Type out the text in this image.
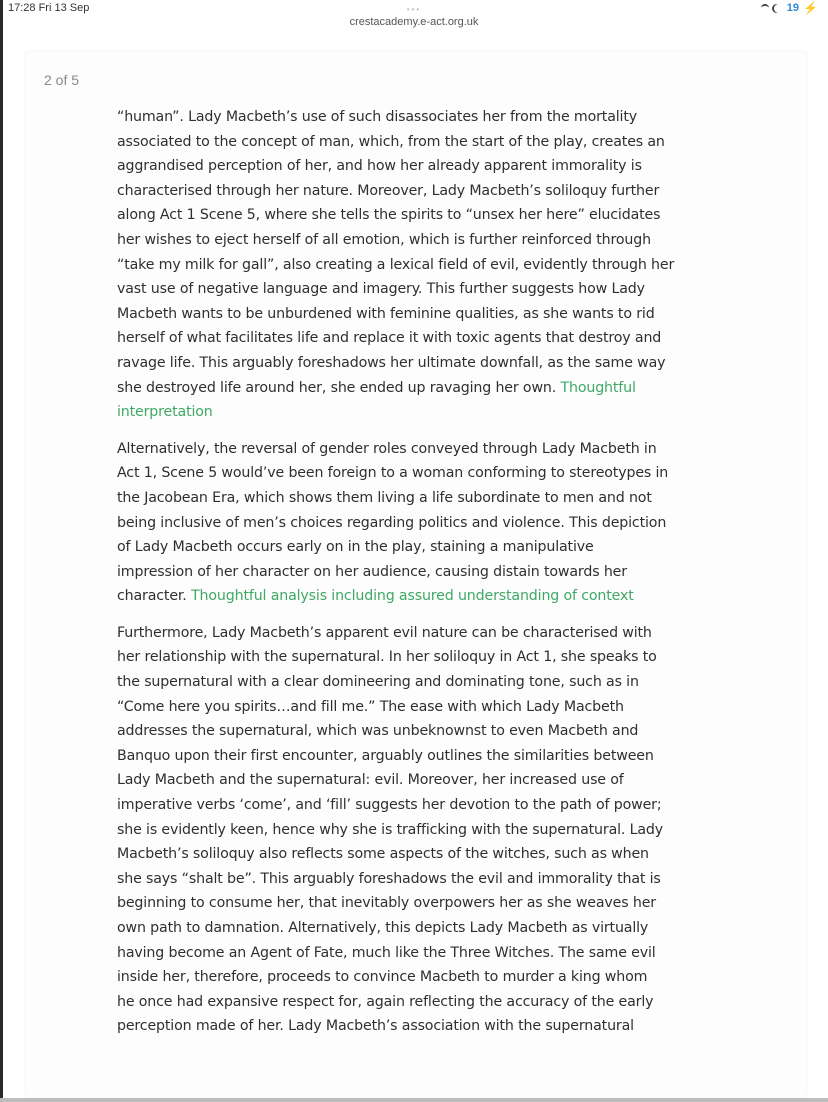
17:28 Fri 13 Sep	19 ⚡
•••
crestacademy.e-act.org.uk
2 of 5

“human”. Lady Macbeth’s use of such disassociates her from the mortality
associated to the concept of man, which, from the start of the play, creates an
aggrandised perception of her, and how her already apparent immorality is
characterised through her nature. Moreover, Lady Macbeth’s soliloquy further
along Act 1 Scene 5, where she tells the spirits to “unsex her here” elucidates
her wishes to eject herself of all emotion, which is further reinforced through
“take my milk for gall”, also creating a lexical field of evil, evidently through her
vast use of negative language and imagery. This further suggests how Lady
Macbeth wants to be unburdened with feminine qualities, as she wants to rid
herself of what facilitates life and replace it with toxic agents that destroy and
ravage life. This arguably foreshadows her ultimate downfall, as the same way
she destroyed life around her, she ended up ravaging her own. Thoughtful
interpretation

Alternatively, the reversal of gender roles conveyed through Lady Macbeth in
Act 1, Scene 5 would’ve been foreign to a woman conforming to stereotypes in
the Jacobean Era, which shows them living a life subordinate to men and not
being inclusive of men’s choices regarding politics and violence. This depiction
of Lady Macbeth occurs early on in the play, staining a manipulative
impression of her character on her audience, causing distain towards her
character. Thoughtful analysis including assured understanding of context

Furthermore, Lady Macbeth’s apparent evil nature can be characterised with
her relationship with the supernatural. In her soliloquy in Act 1, she speaks to
the supernatural with a clear domineering and dominating tone, such as in
“Come here you spirits…and fill me.” The ease with which Lady Macbeth
addresses the supernatural, which was unbeknownst to even Macbeth and
Banquo upon their first encounter, arguably outlines the similarities between
Lady Macbeth and the supernatural: evil. Moreover, her increased use of
imperative verbs ‘come’, and ‘fill’ suggests her devotion to the path of power;
she is evidently keen, hence why she is trafficking with the supernatural. Lady
Macbeth’s soliloquy also reflects some aspects of the witches, such as when
she says “shalt be”. This arguably foreshadows the evil and immorality that is
beginning to consume her, that inevitably overpowers her as she weaves her
own path to damnation. Alternatively, this depicts Lady Macbeth as virtually
having become an Agent of Fate, much like the Three Witches. The same evil
inside her, therefore, proceeds to convince Macbeth to murder a king whom
he once had expansive respect for, again reflecting the accuracy of the early
perception made of her. Lady Macbeth’s association with the supernatural
